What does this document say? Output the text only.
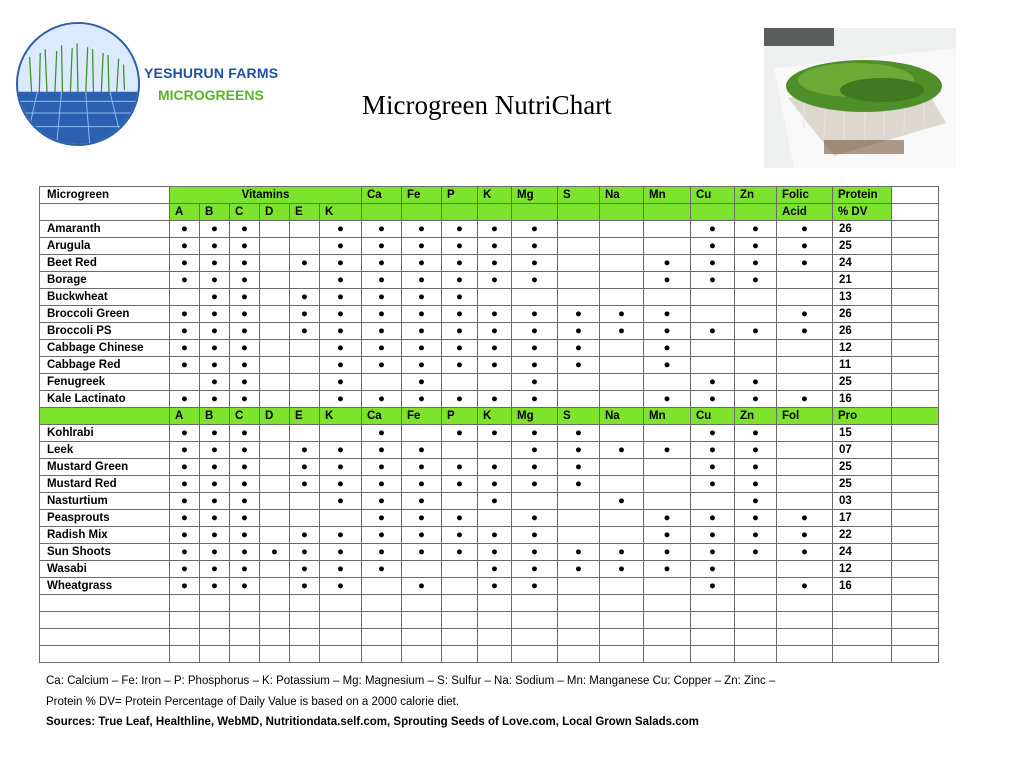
YESHURUN FARMS
MICROGREENS	Microgreen NutriChart
Microgreen	Vitamins						Ca	Fe	P	K	Mg	S	Na	Mn	Cu	Zn	Folic	Protein	
	A	B	C	D	E	K											Acid	% DV	
Amaranth	●	●	●			●	●	●	●	●	●				●	●	●	26	
Arugula	●	●	●			●	●	●	●	●	●				●	●	●	25	
Beet Red	●	●	●		●	●	●	●	●	●	●			●	●	●	●	24	
Borage	●	●	●			●	●	●	●	●	●			●	●	●		21	
Buckwheat		●	●		●	●	●	●	●									13	
Broccoli Green	●	●	●		●	●	●	●	●	●	●	●	●	●			●	26	
Broccoli PS	●	●	●		●	●	●	●	●	●	●	●	●	●	●	●	●	26	
Cabbage Chinese	●	●	●			●	●	●	●	●	●	●		●				12	
Cabbage Red	●	●	●			●	●	●	●	●	●	●		●				11	
Fenugreek		●	●			●		●			●				●	●		25	
Kale Lactinato	●	●	●			●	●	●	●	●	●			●	●	●	●	16	
	A	B	C	D	E	K	Ca	Fe	P	K	Mg	S	Na	Mn	Cu	Zn	Fol	Pro	
Kohlrabi	●	●	●				●		●	●	●	●			●	●		15	
Leek	●	●	●		●	●	●	●			●	●	●	●	●	●		07	
Mustard Green	●	●	●		●	●	●	●	●	●	●	●			●	●		25	
Mustard Red	●	●	●		●	●	●	●	●	●	●	●			●	●		25	
Nasturtium	●	●	●			●	●	●		●			●			●		03	
Peasprouts	●	●	●				●	●	●		●			●	●	●	●	17	
Radish Mix	●	●	●		●	●	●	●	●	●	●			●	●	●	●	22	
Sun Shoots	●	●	●	●	●	●	●	●	●	●	●	●	●	●	●	●	●	24	
Wasabi	●	●	●		●	●	●			●	●	●	●	●	●			12	
Wheatgrass	●	●	●		●	●		●		●	●				●		●	16	

Ca: Calcium – Fe: Iron – P: Phosphorus – K: Potassium – Mg: Magnesium – S: Sulfur – Na: Sodium – Mn: Manganese Cu: Copper – Zn: Zinc –
Protein % DV= Protein Percentage of Daily Value is based on a 2000 calorie diet.
Sources: True Leaf, Healthline, WebMD, Nutritiondata.self.com, Sprouting Seeds of Love.com, Local Grown Salads.com
